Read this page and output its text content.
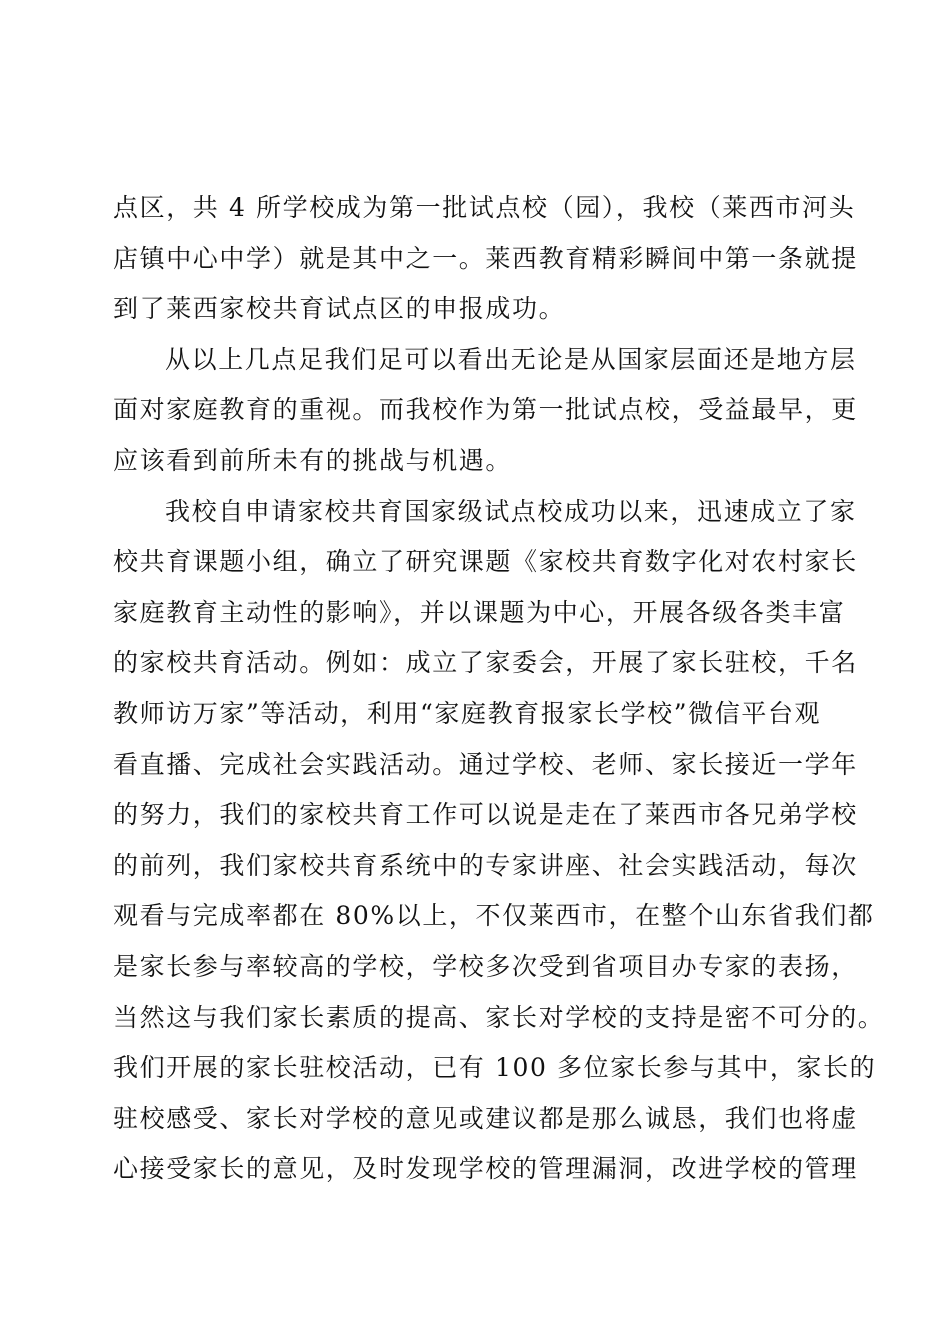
点区，共 4 所学校成为第一批试点校（园），我校（莱西市河头
店镇中心中学）就是其中之一。莱西教育精彩瞬间中第一条就提
到了莱西家校共育试点区的申报成功。
从以上几点足我们足可以看出无论是从国家层面还是地方层
面对家庭教育的重视。而我校作为第一批试点校，受益最早，更
应该看到前所未有的挑战与机遇。
我校自申请家校共育国家级试点校成功以来，迅速成立了家
校共育课题小组，确立了研究课题《家校共育数字化对农村家长
家庭教育主动性的影响》，并以课题为中心，开展各级各类丰富
的家校共育活动。例如：成立了家委会，开展了家长驻校，千名
教师访万家”等活动，利用“家庭教育报家长学校”微信平台观
看直播、完成社会实践活动。通过学校、老师、家长接近一学年
的努力，我们的家校共育工作可以说是走在了莱西市各兄弟学校
的前列，我们家校共育系统中的专家讲座、社会实践活动，每次
观看与完成率都在 80%以上，不仅莱西市，在整个山东省我们都
是家长参与率较高的学校，学校多次受到省项目办专家的表扬，
当然这与我们家长素质的提高、家长对学校的支持是密不可分的。
我们开展的家长驻校活动，已有 100 多位家长参与其中，家长的
驻校感受、家长对学校的意见或建议都是那么诚恳，我们也将虚
心接受家长的意见，及时发现学校的管理漏洞，改进学校的管理
